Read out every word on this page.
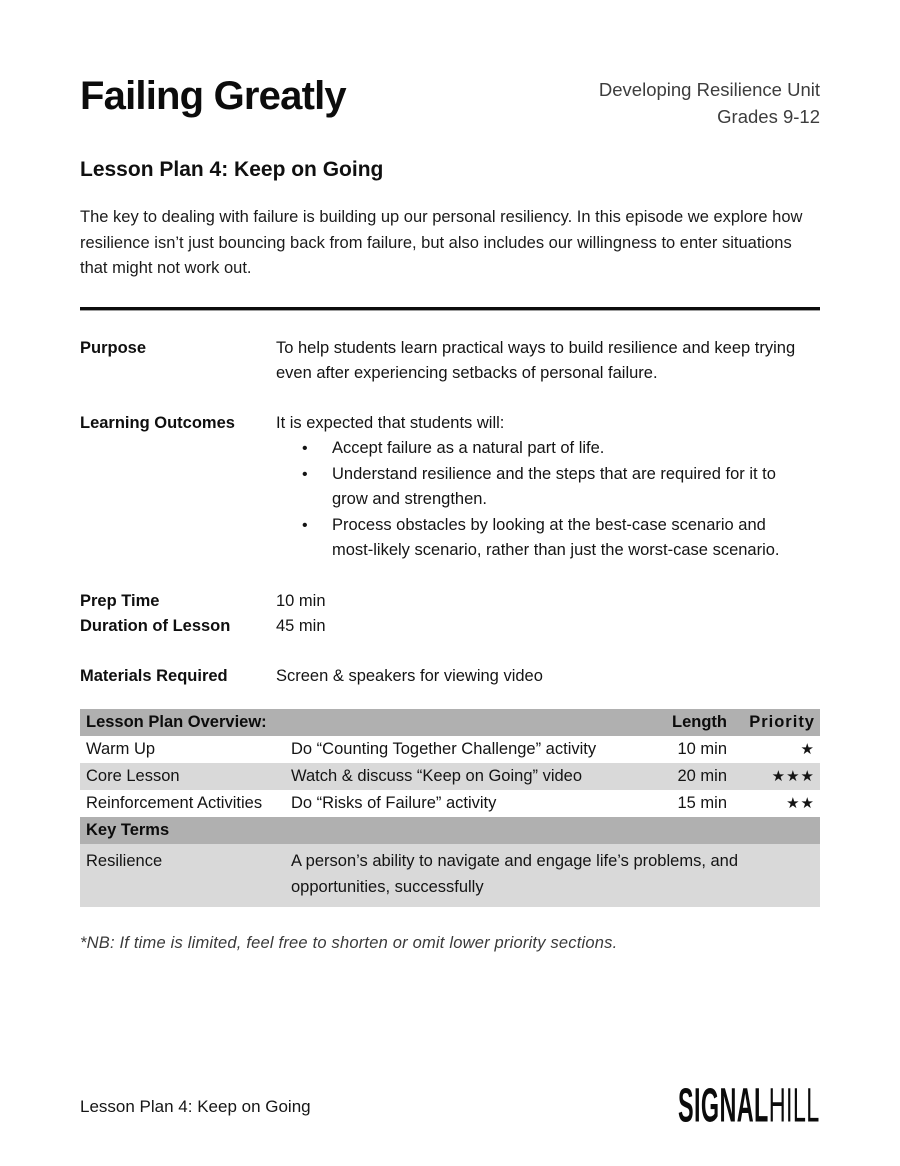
Failing Greatly	Developing Resilience Unit
Grades 9-12
Lesson Plan 4: Keep on Going

The key to dealing with failure is building up our personal resiliency. In this episode we explore how resilience isn’t just bouncing back from failure, but also includes our willingness to enter situations that might not work out.

Purpose	To help students learn practical ways to build resilience and keep trying even after experiencing setbacks of personal failure.
Learning Outcomes	It is expected that students will:
• Accept failure as a natural part of life.
• Understand resilience and the steps that are required for it to grow and strengthen.
• Process obstacles by looking at the best-case scenario and most-likely scenario, rather than just the worst-case scenario.
Prep Time	10 min
Duration of Lesson	45 min
Materials Required	Screen & speakers for viewing video
Lesson Plan Overview:		Length	Priority
Warm Up	Do “Counting Together Challenge” activity	10 min	★
Core Lesson	Watch & discuss “Keep on Going” video	20 min	★★★
Reinforcement Activities	Do “Risks of Failure” activity	15 min	★★
Key Terms			
Resilience	A person’s ability to navigate and engage life’s problems, and opportunities, successfully		

*NB: If time is limited, feel free to shorten or omit lower priority sections.

Lesson Plan 4: Keep on Going	SIGNALHILL
